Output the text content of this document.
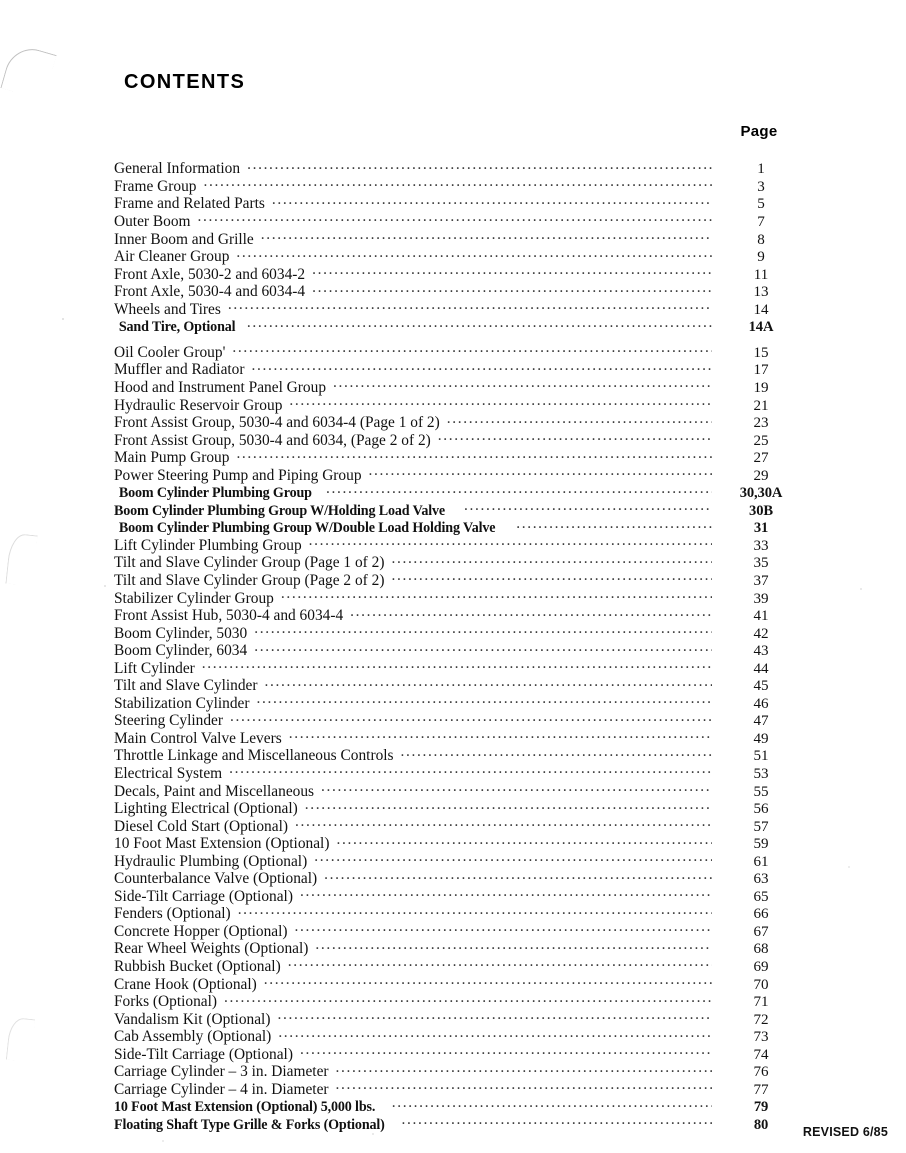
CONTENTS
Page
General Information . . .	1
Frame Group . . .	3
Frame and Related Parts . . .	5
Outer Boom . . .	7
Inner Boom and Grille . . .	8
Air Cleaner Group . . .	9
Front Axle, 5030-2 and 6034-2 . . .	11
Front Axle, 5030-4 and 6034-4 . . .	13
Wheels and Tires . . .	14
Sand Tire, Optional . . .	14A
Oil Cooler Group' . . .	15
Muffler and Radiator . . .	17
Hood and Instrument Panel Group . . .	19
Hydraulic Reservoir Group . . .	21
Front Assist Group, 5030-4 and 6034-4 (Page 1 of 2) . . .	23
Front Assist Group, 5030-4 and 6034, (Page 2 of 2) . . .	25
Main Pump Group . . .	27
Power Steering Pump and Piping Group . . .	29
Boom Cylinder Plumbing Group . . .	30,30A
Boom Cylinder Plumbing Group W/Holding Load Valve . . .	30B
Boom Cylinder Plumbing Group W/Double Load Holding Valve . . .	31
Lift Cylinder Plumbing Group . . .	33
Tilt and Slave Cylinder Group (Page 1 of 2) . . .	35
Tilt and Slave Cylinder Group (Page 2 of 2) . . .	37
Stabilizer Cylinder Group . . .	39
Front Assist Hub, 5030-4 and 6034-4 . . .	41
Boom Cylinder, 5030 . . .	42
Boom Cylinder, 6034 . . .	43
Lift Cylinder . . .	44
Tilt and Slave Cylinder . . .	45
Stabilization Cylinder . . .	46
Steering Cylinder . . .	47
Main Control Valve Levers . . .	49
Throttle Linkage and Miscellaneous Controls . . .	51
Electrical System . . .	53
Decals, Paint and Miscellaneous . . .	55
Lighting Electrical (Optional) . . .	56
Diesel Cold Start (Optional) . . .	57
10 Foot Mast Extension (Optional) . . .	59
Hydraulic Plumbing (Optional) . . .	61
Counterbalance Valve (Optional) . . .	63
Side-Tilt Carriage (Optional) . . .	65
Fenders (Optional) . . .	66
Concrete Hopper (Optional) . . .	67
Rear Wheel Weights (Optional) . . .	68
Rubbish Bucket (Optional) . . .	69
Crane Hook (Optional) . . .	70
Forks (Optional) . . .	71
Vandalism Kit (Optional) . . .	72
Cab Assembly (Optional) . . .	73
Side-Tilt Carriage (Optional) . . .	74
Carriage Cylinder – 3 in. Diameter . . .	76
Carriage Cylinder – 4 in. Diameter . . .	77
10 Foot Mast Extension (Optional) 5,000 lbs. . . .	79
Floating Shaft Type Grille & Forks (Optional) . . .	80	REVISED 6/85
